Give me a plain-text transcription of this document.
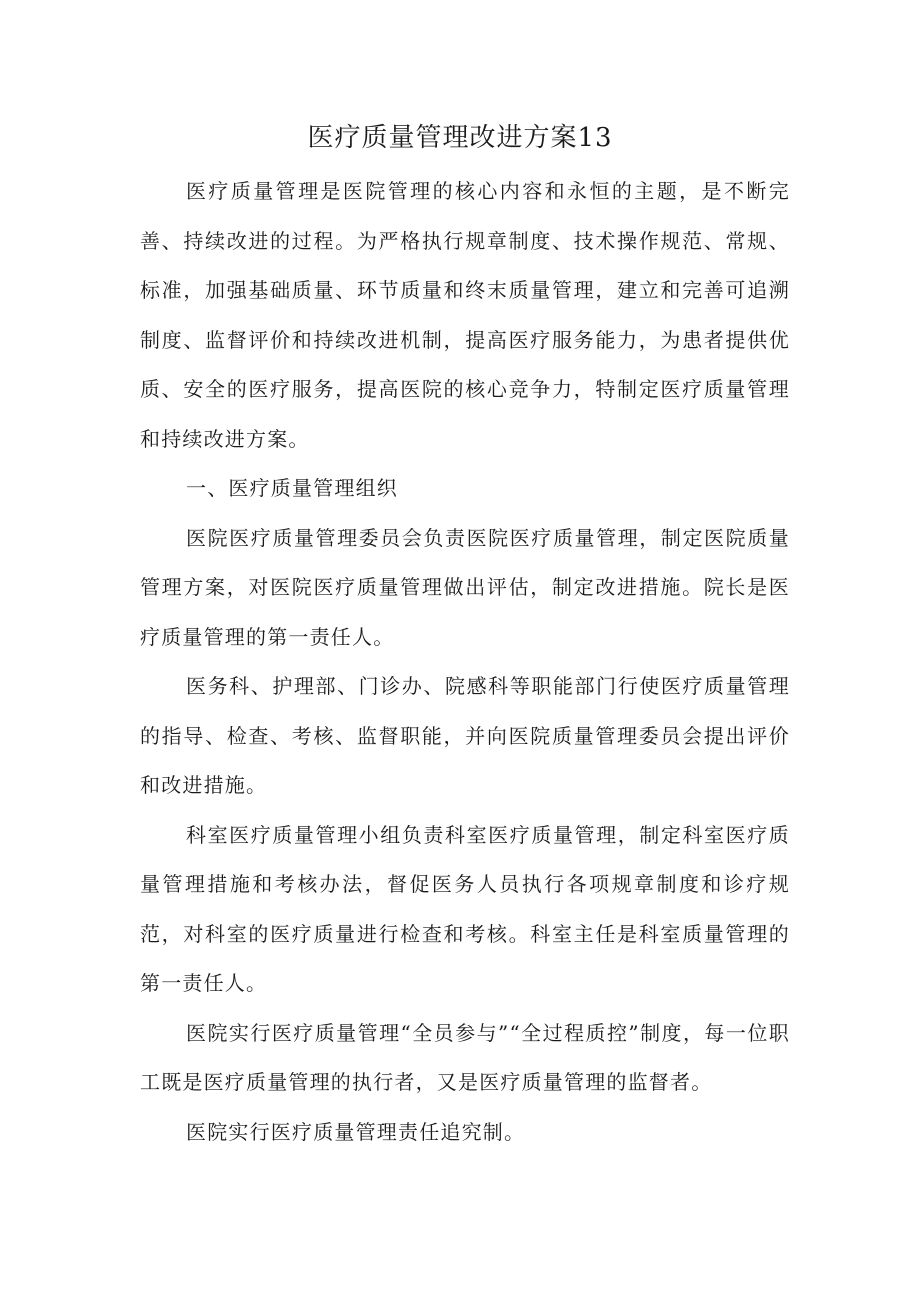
医疗质量管理改进方案13

医疗质量管理是医院管理的核心内容和永恒的主题，是不断完善、持续改进的过程。为严格执行规章制度、技术操作规范、常规、标准，加强基础质量、环节质量和终末质量管理，建立和完善可追溯制度、监督评价和持续改进机制，提高医疗服务能力，为患者提供优质、安全的医疗服务，提高医院的核心竞争力，特制定医疗质量管理和持续改进方案。

一、医疗质量管理组织

医院医疗质量管理委员会负责医院医疗质量管理，制定医院质量管理方案，对医院医疗质量管理做出评估，制定改进措施。院长是医疗质量管理的第一责任人。

医务科、护理部、门诊办、院感科等职能部门行使医疗质量管理的指导、检查、考核、监督职能，并向医院质量管理委员会提出评价和改进措施。

科室医疗质量管理小组负责科室医疗质量管理，制定科室医疗质量管理措施和考核办法，督促医务人员执行各项规章制度和诊疗规范，对科室的医疗质量进行检查和考核。科室主任是科室质量管理的第一责任人。

医院实行医疗质量管理“全员参与”“全过程质控”制度，每一位职工既是医疗质量管理的执行者，又是医疗质量管理的监督者。

医院实行医疗质量管理责任追究制。
